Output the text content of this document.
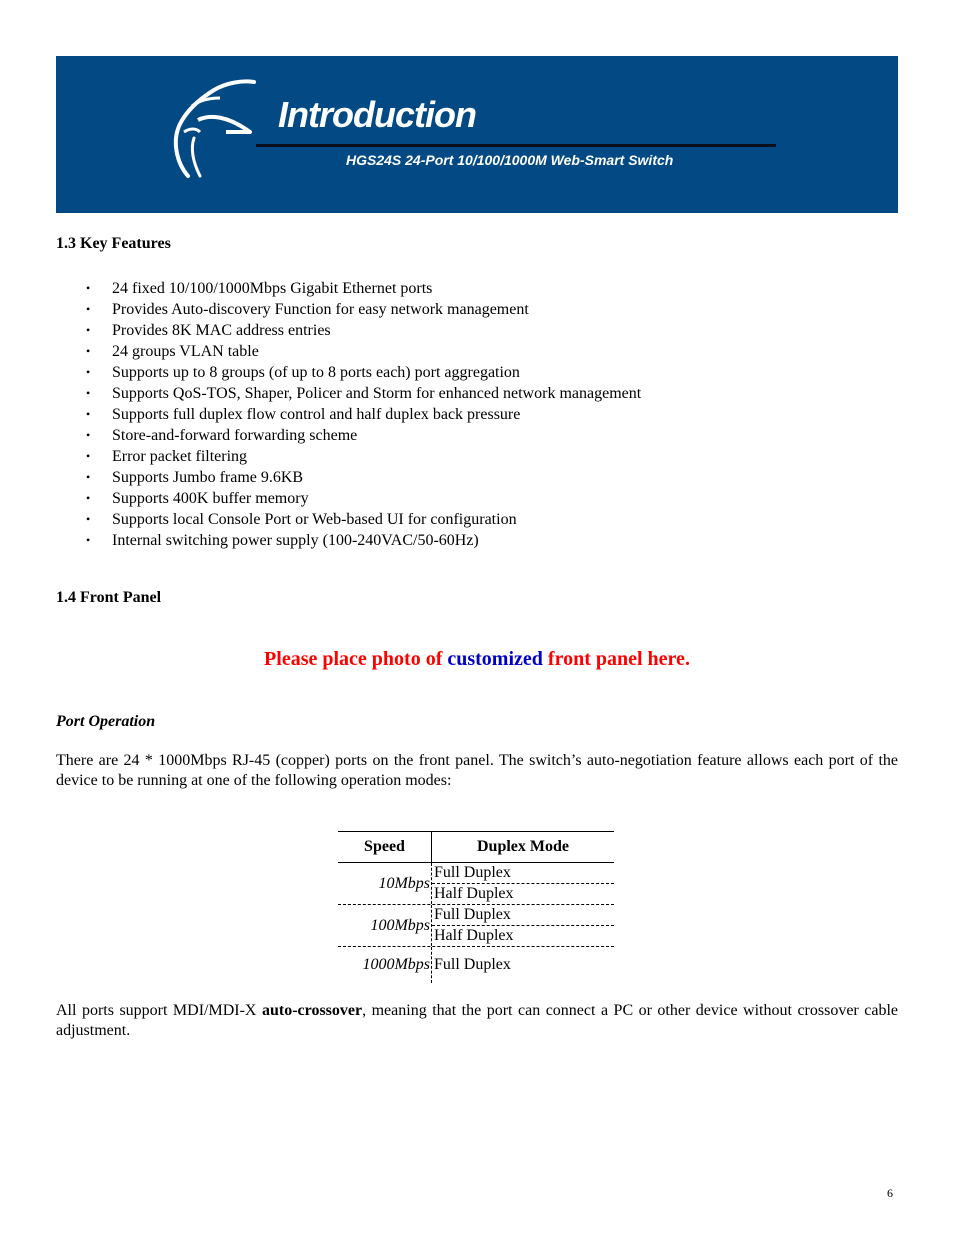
Introduction
HGS24S 24-Port 10/100/1000M Web-Smart Switch
1.3 Key Features
• 24 fixed 10/100/1000Mbps Gigabit Ethernet ports
• Provides Auto-discovery Function for easy network management
• Provides 8K MAC address entries
• 24 groups VLAN table
• Supports up to 8 groups (of up to 8 ports each) port aggregation
• Supports QoS-TOS, Shaper, Policer and Storm for enhanced network management
• Supports full duplex flow control and half duplex back pressure
• Store-and-forward forwarding scheme
• Error packet filtering
• Supports Jumbo frame 9.6KB
• Supports 400K buffer memory
• Supports local Console Port or Web-based UI for configuration
• Internal switching power supply (100-240VAC/50-60Hz)
1.4 Front Panel
Please place photo of customized front panel here.
Port Operation
There are 24 * 1000Mbps RJ-45 (copper) ports on the front panel. The switch’s auto-negotiation feature allows each port of the device to be running at one of the following operation modes:
Speed	Duplex Mode
10Mbps
Full Duplex
Half Duplex
100Mbps
Full Duplex
Half Duplex
1000Mbps Full Duplex
All ports support MDI/MDI-X auto-crossover, meaning that the port can connect a PC or other device without crossover cable adjustment.
6
